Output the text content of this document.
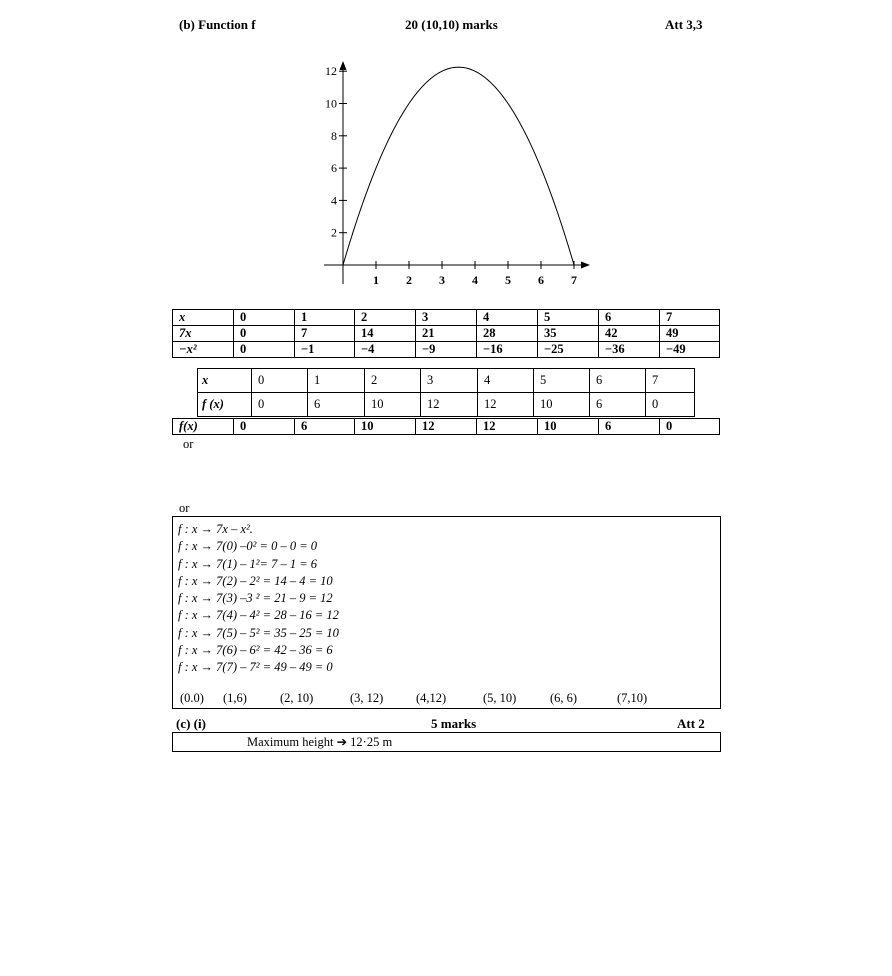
(b) Function f	20 (10,10) marks	Att 3,3
1 2 3 4 5 6 7
2
4
6
8
10
12
x	0	1	2	3	4	5	6	7
7x	0	7	14	21	28	35	42	49
−x²	0	−1	−4	−9	−16	−25	−36	−49
x	0	1	2	3	4	5	6	7
f (x)	0	6	10	12	12	10	6	0
f(x)	0	6	10	12	12	10	6	0
or
or
f : x → 7x – x².
f : x → 7(0) –0² = 0 – 0 = 0
f : x → 7(1) – 1²= 7 – 1 = 6
f : x → 7(2) – 2² = 14 – 4 = 10
f : x → 7(3) –3 ² = 21 – 9 = 12
f : x → 7(4) – 4² = 28 – 16 = 12
f : x → 7(5) – 5² = 35 – 25 = 10
f : x → 7(6) – 6² = 42 – 36 = 6
f : x → 7(7) – 7² = 49 – 49 = 0
(0.0) (1,6)	(2, 10)	(3, 12)	(4,12)	(5, 10)	(6, 6)	(7,10)
(c) (i)	5 marks	Att 2
Maximum height ➔ 12·25 m
